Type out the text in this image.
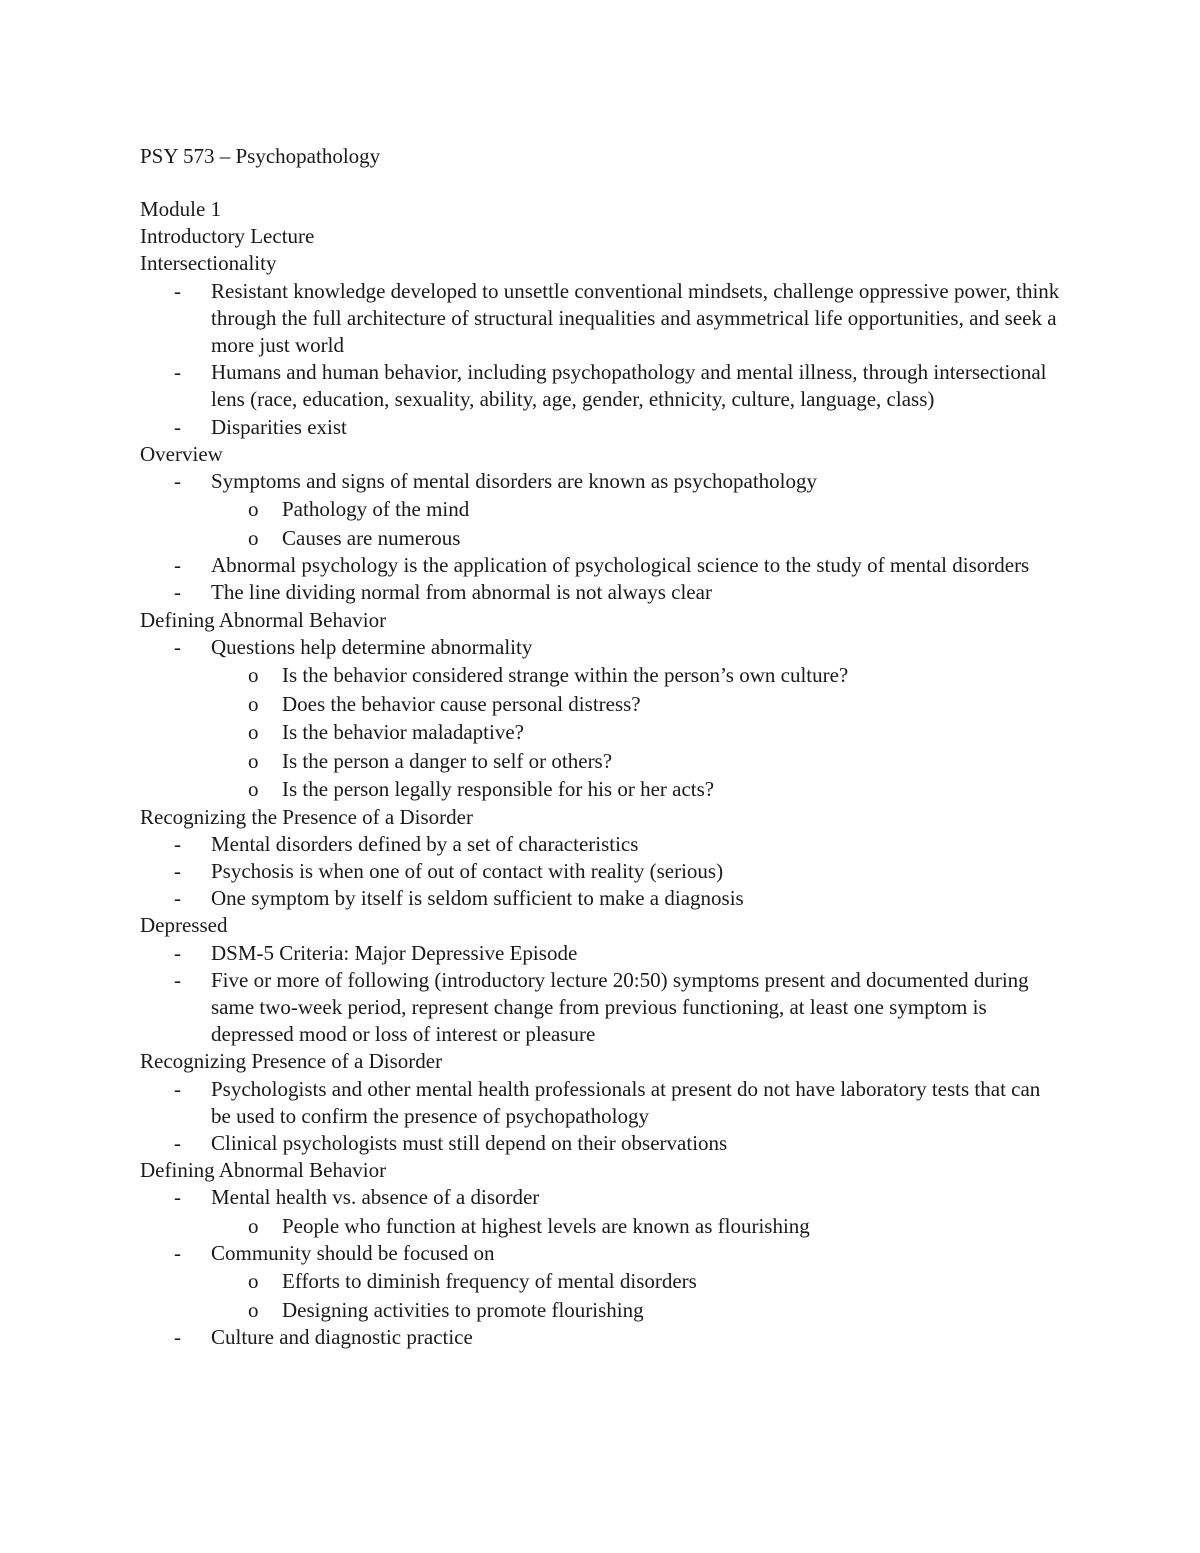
PSY 573 – Psychopathology
Module 1
Introductory Lecture
Intersectionality
- Resistant knowledge developed to unsettle conventional mindsets, challenge oppressive power, think through the full architecture of structural inequalities and asymmetrical life opportunities, and seek a more just world
- Humans and human behavior, including psychopathology and mental illness, through intersectional lens (race, education, sexuality, ability, age, gender, ethnicity, culture, language, class)
- Disparities exist
Overview
- Symptoms and signs of mental disorders are known as psychopathology
o Pathology of the mind
o Causes are numerous
- Abnormal psychology is the application of psychological science to the study of mental disorders
- The line dividing normal from abnormal is not always clear
Defining Abnormal Behavior
- Questions help determine abnormality
o Is the behavior considered strange within the person’s own culture?
o Does the behavior cause personal distress?
o Is the behavior maladaptive?
o Is the person a danger to self or others?
o Is the person legally responsible for his or her acts?
Recognizing the Presence of a Disorder
- Mental disorders defined by a set of characteristics
- Psychosis is when one of out of contact with reality (serious)
- One symptom by itself is seldom sufficient to make a diagnosis
Depressed
- DSM-5 Criteria: Major Depressive Episode
- Five or more of following (introductory lecture 20:50) symptoms present and documented during same two-week period, represent change from previous functioning, at least one symptom is depressed mood or loss of interest or pleasure
Recognizing Presence of a Disorder
- Psychologists and other mental health professionals at present do not have laboratory tests that can be used to confirm the presence of psychopathology
- Clinical psychologists must still depend on their observations
Defining Abnormal Behavior
- Mental health vs. absence of a disorder
o People who function at highest levels are known as flourishing
- Community should be focused on
o Efforts to diminish frequency of mental disorders
o Designing activities to promote flourishing
- Culture and diagnostic practice
